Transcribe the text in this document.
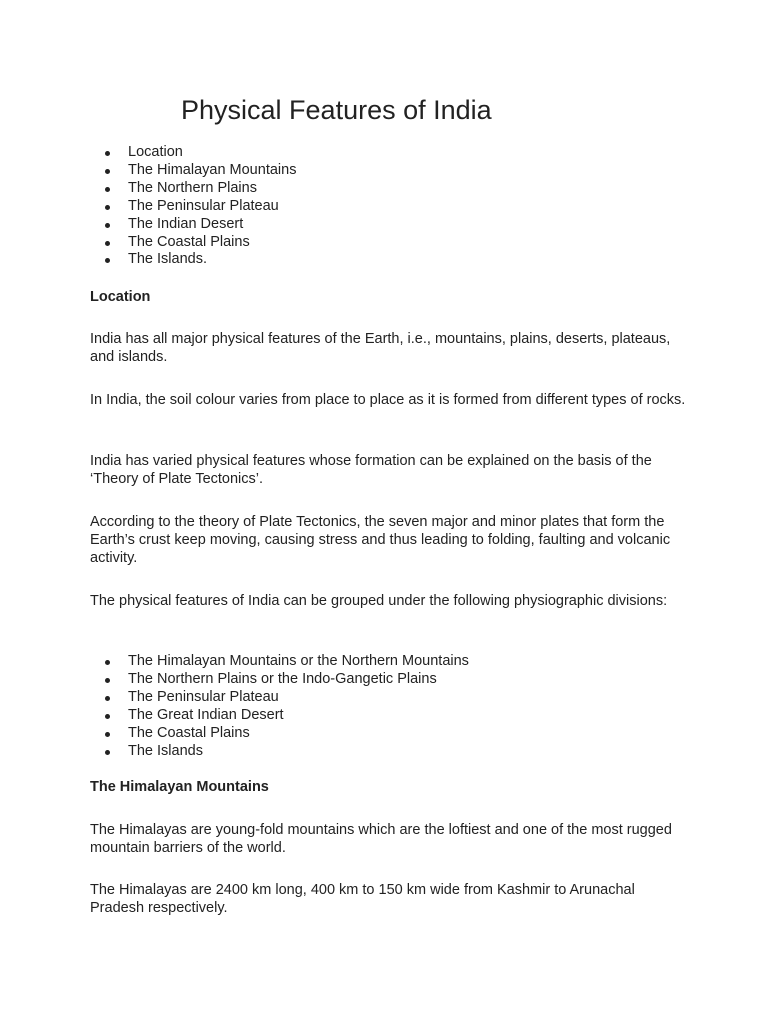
Physical Features of India
Location
The Himalayan Mountains
The Northern Plains
The Peninsular Plateau
The Indian Desert
The Coastal Plains
The Islands.
Location

India has all major physical features of the Earth, i.e., mountains, plains, deserts, plateaus, and islands.

In India, the soil colour varies from place to place as it is formed from different types of rocks.

India has varied physical features whose formation can be explained on the basis of the ‘Theory of Plate Tectonics’.

According to the theory of Plate Tectonics, the seven major and minor plates that form the Earth’s crust keep moving, causing stress and thus leading to folding, faulting and volcanic activity.

The physical features of India can be grouped under the following physiographic divisions:

The Himalayan Mountains or the Northern Mountains
The Northern Plains or the Indo-Gangetic Plains
The Peninsular Plateau
The Great Indian Desert
The Coastal Plains
The Islands
The Himalayan Mountains

The Himalayas are young-fold mountains which are the loftiest and one of the most rugged mountain barriers of the world.

The Himalayas are 2400 km long, 400 km to 150 km wide from Kashmir to Arunachal Pradesh respectively.
